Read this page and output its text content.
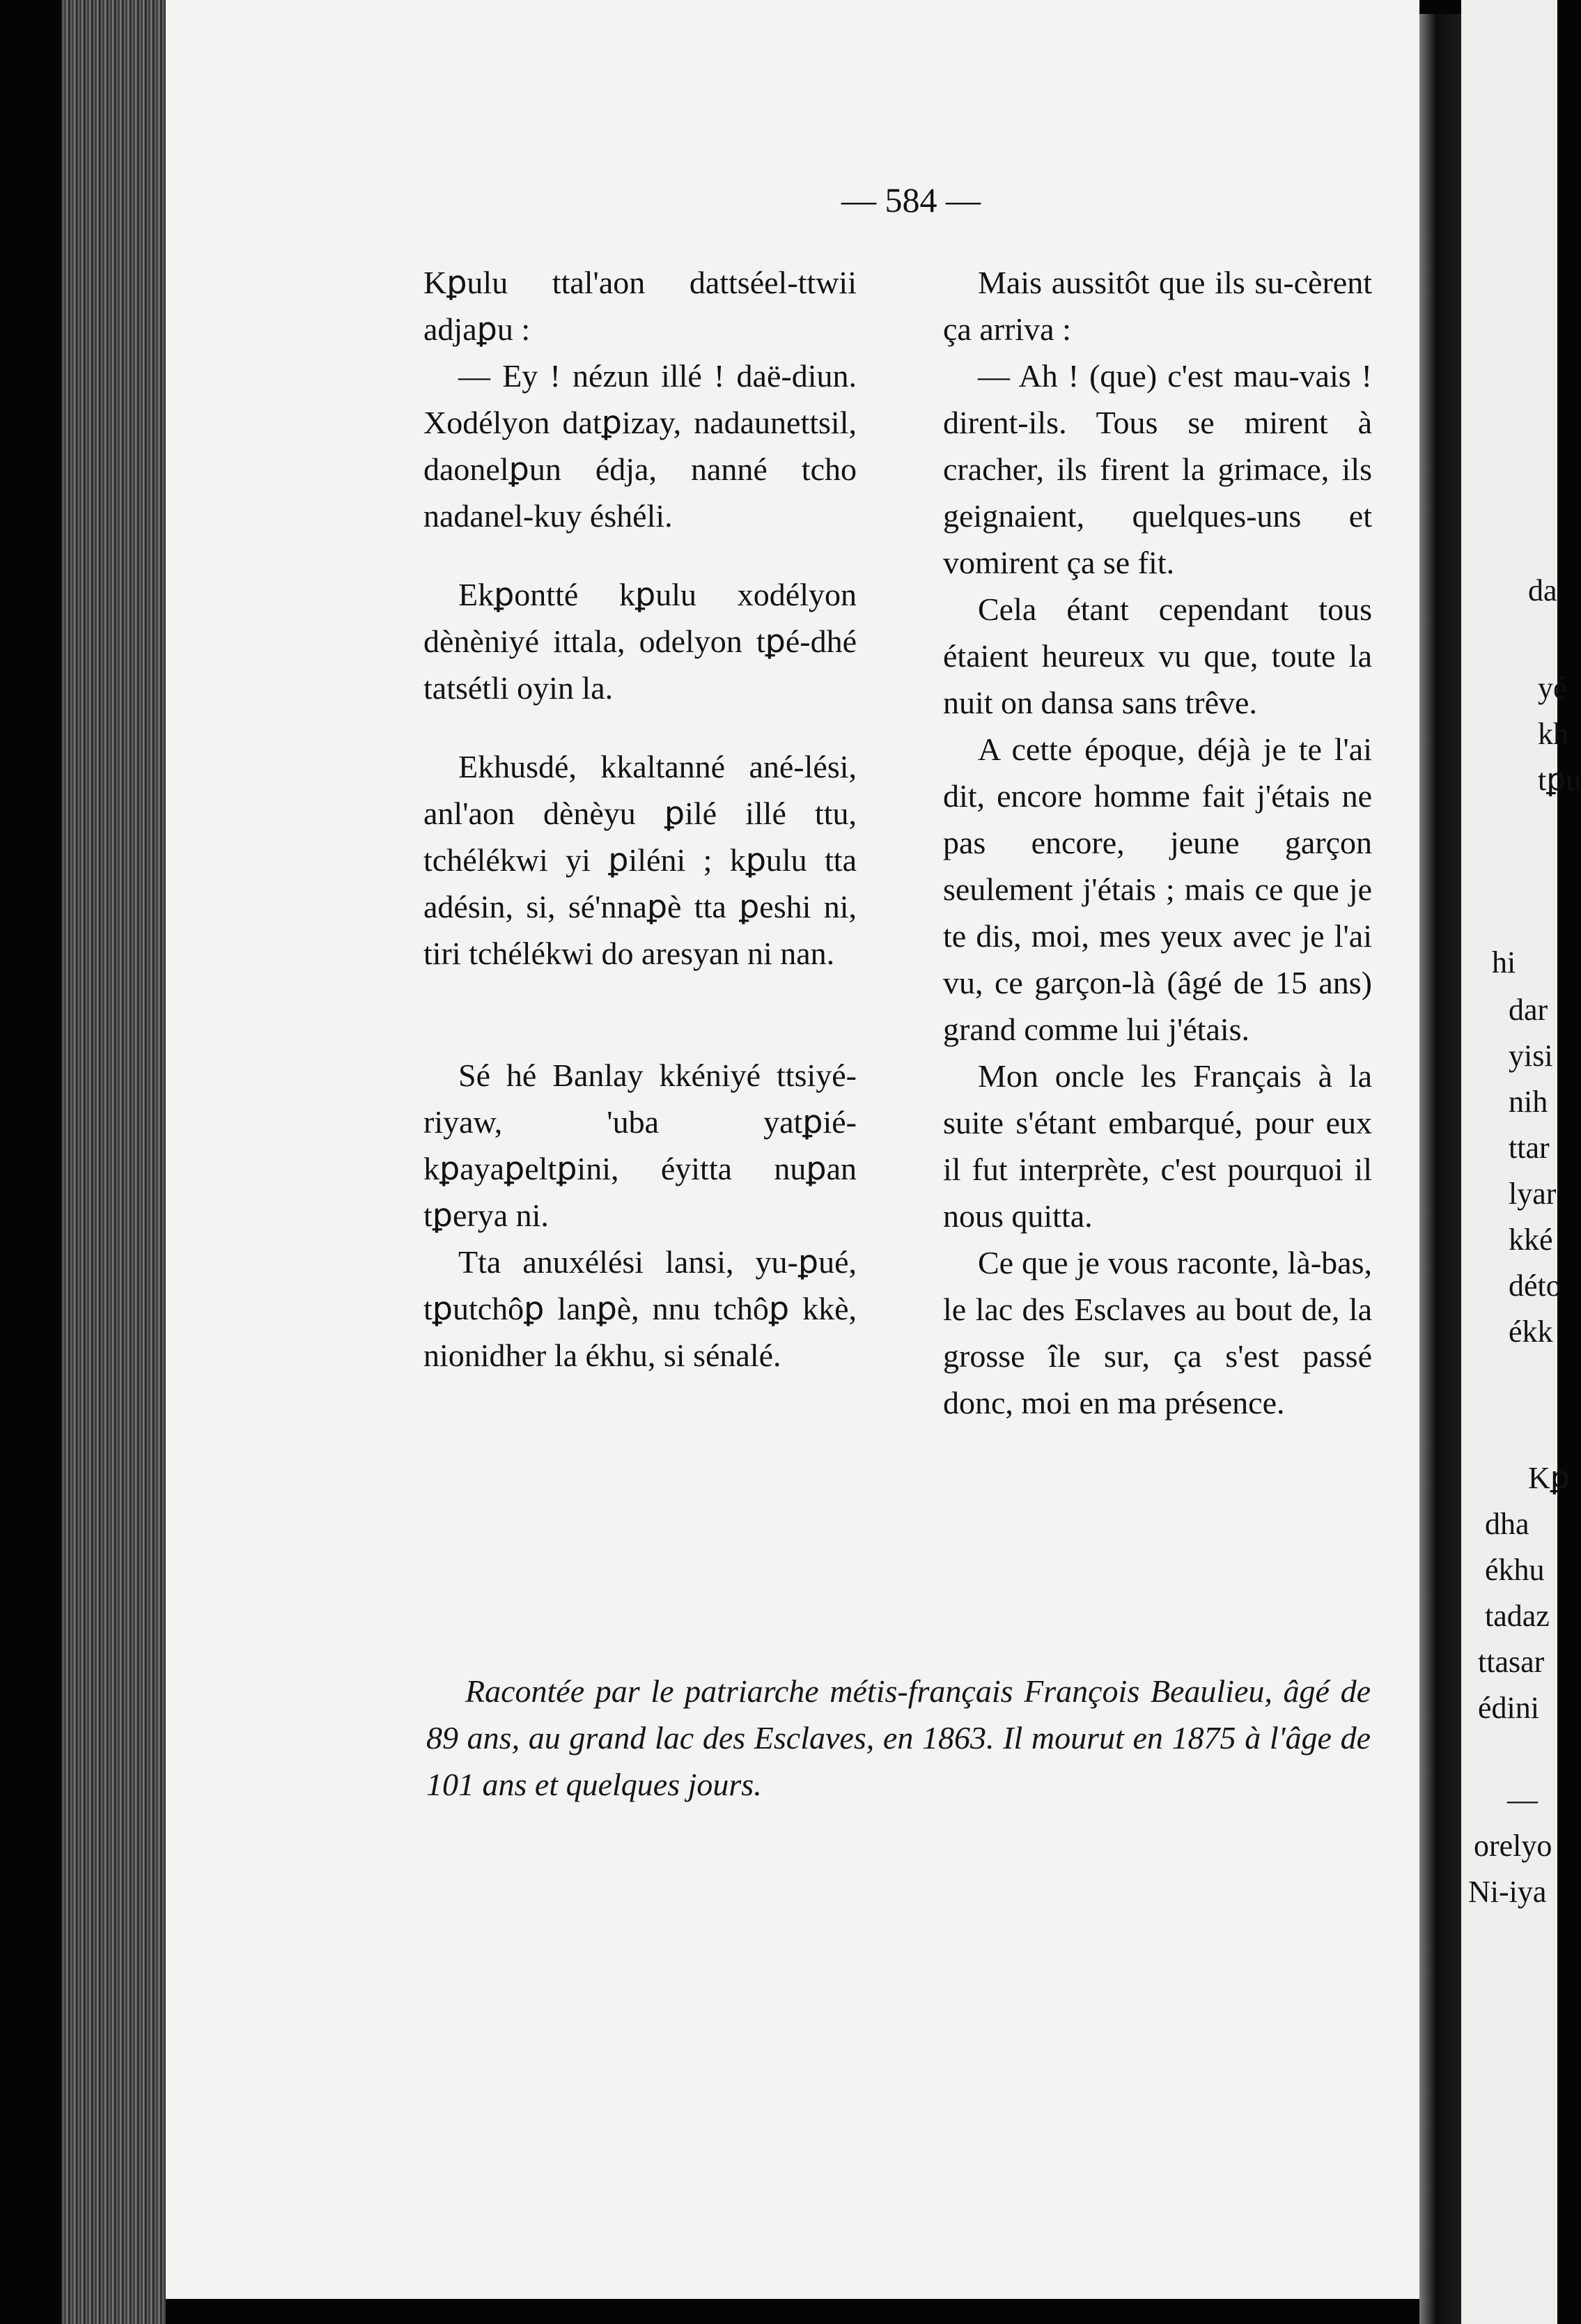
— 584 —

Kꝑulu ttal'aon dattséel-ttwii adjaꝑu :

— Ey ! nézun illé ! daë-diun. Xodélyon datꝑizay, nadaunettsil, daonelꝑun édja, nanné tcho nadanel-kuy éshéli.

Ekꝑontté kꝑulu xodélyon dènèniyé ittala, odelyon tꝑé-dhé tatsétli oyin la.

Ekhusdé, kkaltanné ané-lési, anl'aon dènèyu ꝑilé illé ttu, tchélékwi yi ꝑiléni ; kꝑulu tta adésin, si, sé'nnaꝑè tta ꝑeshi ni, tiri tchélékwi do aresyan ni nan.

Sé hé Banlay kkéniyé ttsiyé-riyaw, 'uba yatꝑié-kꝑayaꝑeltꝑini, éyitta nuꝑan tꝑerya ni.

Tta anuxélési lansi, yu-ꝑué, tꝑutchôꝑ lanꝑè, nnu tchôꝑ kkè, nionidher la ékhu, si sénalé.

Mais aussitôt que ils su-cèrent ça arriva :

— Ah ! (que) c'est mau-vais ! dirent-ils. Tous se mirent à cracher, ils firent la grimace, ils geignaient, quelques-uns et vomirent ça se fit.

Cela étant cependant tous étaient heureux vu que, toute la nuit on dansa sans trêve.

A cette époque, déjà je te l'ai dit, encore homme fait j'étais ne pas encore, jeune garçon seulement j'étais ; mais ce que je te dis, moi, mes yeux avec je l'ai vu, ce garçon-là (âgé de 15 ans) grand comme lui j'étais.

Mon oncle les Français à la suite s'étant embarqué, pour eux il fut interprète, c'est pourquoi il nous quitta.

Ce que je vous raconte, là-bas, le lac des Esclaves au bout de, la grosse île sur, ça s'est passé donc, moi en ma présence.

Racontée par le patriarche métis-français François Beaulieu, âgé de 89 ans, au grand lac des Esclaves, en 1863. Il mourut en 1875 à l'âge de 101 ans et quelques jours.

da
yé
kh
tꝑu
hi
dar
yisi
nih
ttar
lyar
kké
déto
ékk
Kꝑ
dha
ékhu
tadaz
ttasar
édini
—
orelyo
Ni-iya
